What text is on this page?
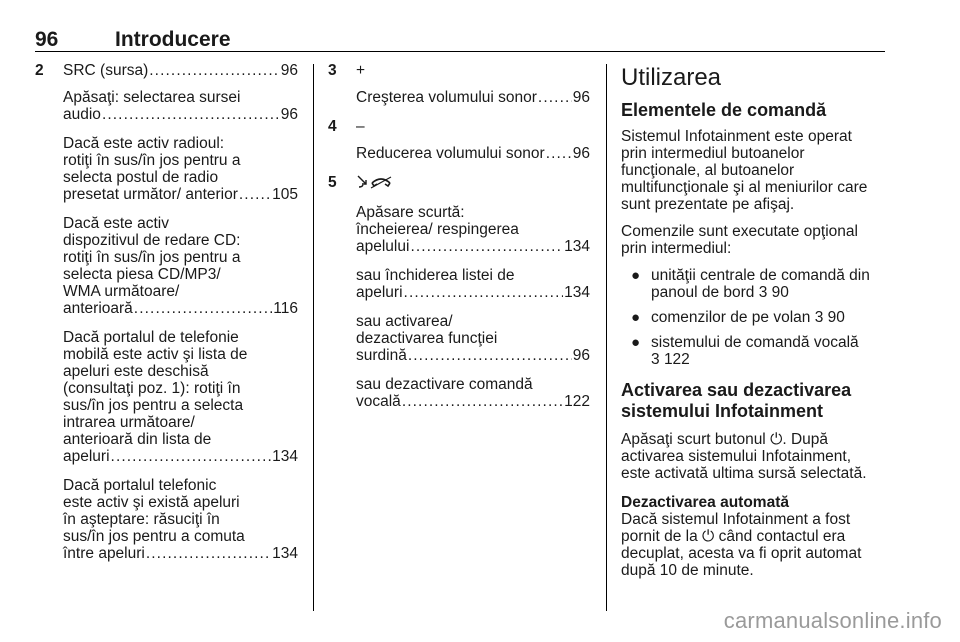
96	Introducere
2 SRC (sursa) . . .	96
Apăsaţi: selectarea sursei
audio . . .	96
Dacă este activ radioul:
rotiţi în sus/în jos pentru a
selecta postul de radio
presetat următor/ anterior . . . 105
Dacă este activ
dispozitivul de redare CD:
rotiţi în sus/în jos pentru a
selecta piesa CD/MP3/
WMA următoare/
anterioară . . .	116
Dacă portalul de telefonie
mobilă este activ şi lista de
apeluri este deschisă
(consultaţi poz. 1): rotiţi în
sus/în jos pentru a selecta
intrarea următoare/
anterioară din lista de
apeluri . . .	134
Dacă portalul telefonic
este activ şi există apeluri
în aşteptare: răsuciţi în
sus/în jos pentru a comuta
între apeluri . . .	134
3 +
Creşterea volumului sonor . . . 96
4 –
Reducerea volumului sonor . . . 96
5
Apăsare scurtă:
încheierea/ respingerea
apelului . . .	134
sau închiderea listei de
apeluri . . .	134
sau activarea/
dezactivarea funcţiei
surdină . . .	96
sau dezactivare comandă
vocală . . .	122
Utilizarea
Elementele de comandă
Sistemul Infotainment este operat
prin intermediul butoanelor
funcţionale, al butoanelor
multifuncţionale şi al meniurilor care
sunt prezentate pe afişaj.
Comenzile sunt executate opţional
prin intermediul:
● unităţii centrale de comandă din
panoul de bord 3 90
● comenzilor de pe volan 3 90
● sistemului de comandă vocală
3 122
Activarea sau dezactivarea
sistemului Infotainment
Apăsaţi scurt butonul ⏻. După
activarea sistemului Infotainment,
este activată ultima sursă selectată.
Dezactivarea automată
Dacă sistemul Infotainment a fost
pornit de la ⏻ când contactul era
decuplat, acesta va fi oprit automat
după 10 de minute.
carmanualsonline.info
